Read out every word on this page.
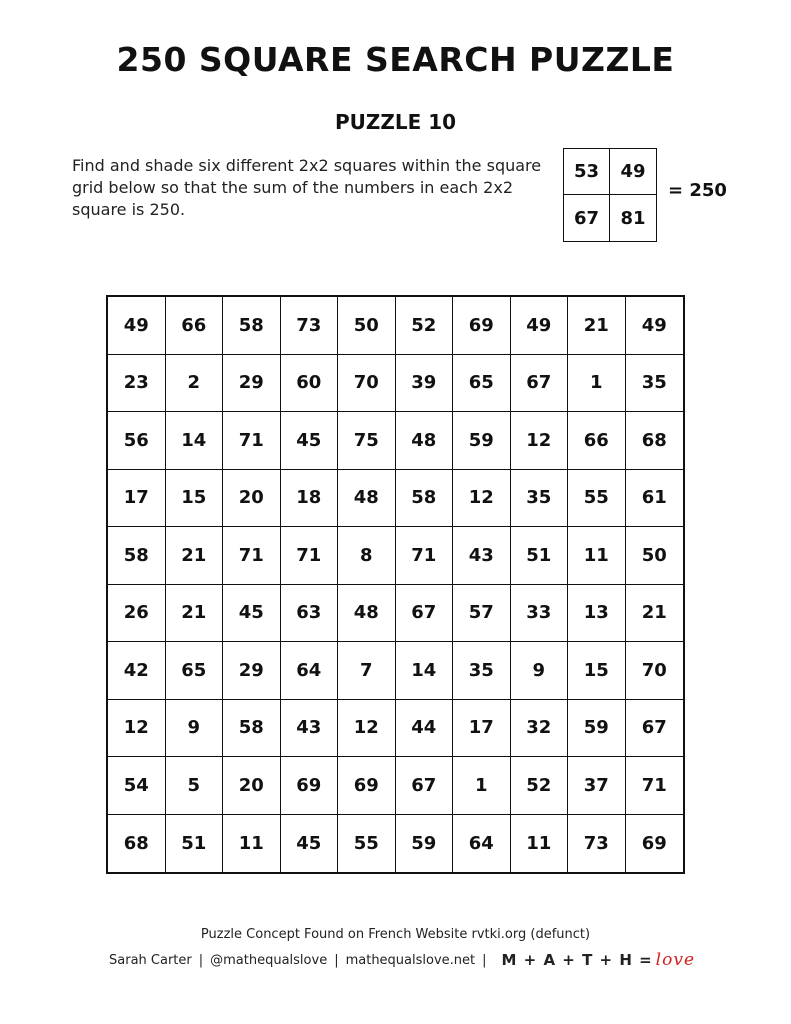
250 SQUARE SEARCH PUZZLE
PUZZLE 10
Find and shade six different 2x2 squares within the square grid below so that the sum of the numbers in each 2x2 square is 250.
53	49
67	81
= 250
49	66	58	73	50	52	69	49	21	49
23	2	29	60	70	39	65	67	1	35
56	14	71	45	75	48	59	12	66	68
17	15	20	18	48	58	12	35	55	61
58	21	71	71	8	71	43	51	11	50
26	21	45	63	48	67	57	33	13	21
42	65	29	64	7	14	35	9	15	70
12	9	58	43	12	44	17	32	59	67
54	5	20	69	69	67	1	52	37	71
68	51	11	45	55	59	64	11	73	69
Puzzle Concept Found on French Website rvtki.org (defunct)
Sarah Carter | @mathequalslove | mathequalslove.net | M + A + T + H = love
